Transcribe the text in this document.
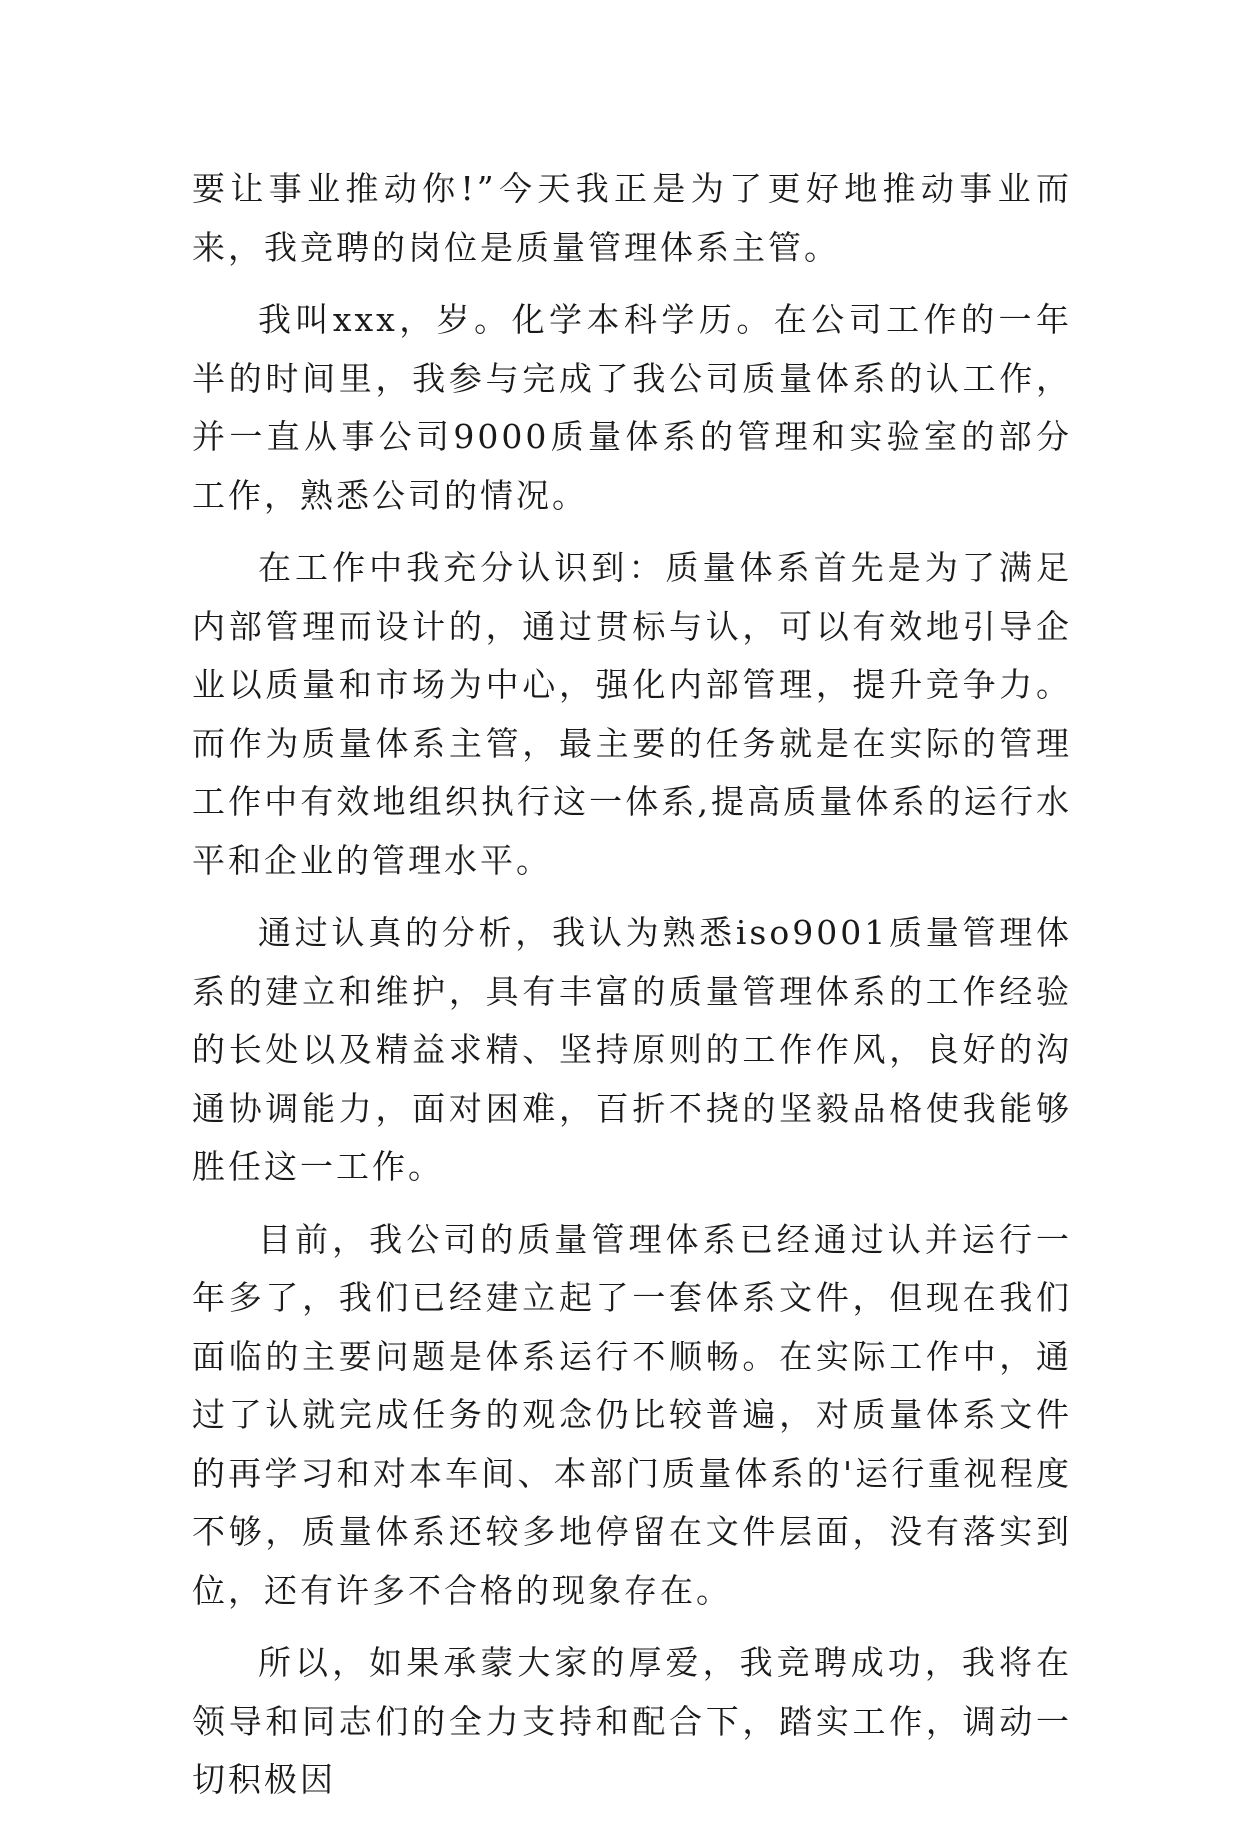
要让事业推动你!”今天我正是为了更好地推动事业而来，我竞聘的岗位是质量管理体系主管。

我叫xxx，岁。化学本科学历。在公司工作的一年半的时间里，我参与完成了我公司质量体系的认工作，并一直从事公司9000质量体系的管理和实验室的部分工作，熟悉公司的情况。

在工作中我充分认识到：质量体系首先是为了满足内部管理而设计的，通过贯标与认，可以有效地引导企业以质量和市场为中心，强化内部管理，提升竞争力。而作为质量体系主管，最主要的任务就是在实际的管理工作中有效地组织执行这一体系,提高质量体系的运行水平和企业的管理水平。

通过认真的分析，我认为熟悉iso9001质量管理体系的建立和维护，具有丰富的质量管理体系的工作经验的长处以及精益求精、坚持原则的工作作风，良好的沟通协调能力，面对困难，百折不挠的坚毅品格使我能够胜任这一工作。

目前，我公司的质量管理体系已经通过认并运行一年多了，我们已经建立起了一套体系文件，但现在我们面临的主要问题是体系运行不顺畅。在实际工作中，通过了认就完成任务的观念仍比较普遍，对质量体系文件的再学习和对本车间、本部门质量体系的'运行重视程度不够，质量体系还较多地停留在文件层面，没有落实到位，还有许多不合格的现象存在。

所以，如果承蒙大家的厚爱，我竞聘成功，我将在领导和同志们的全力支持和配合下，踏实工作，调动一切积极因
